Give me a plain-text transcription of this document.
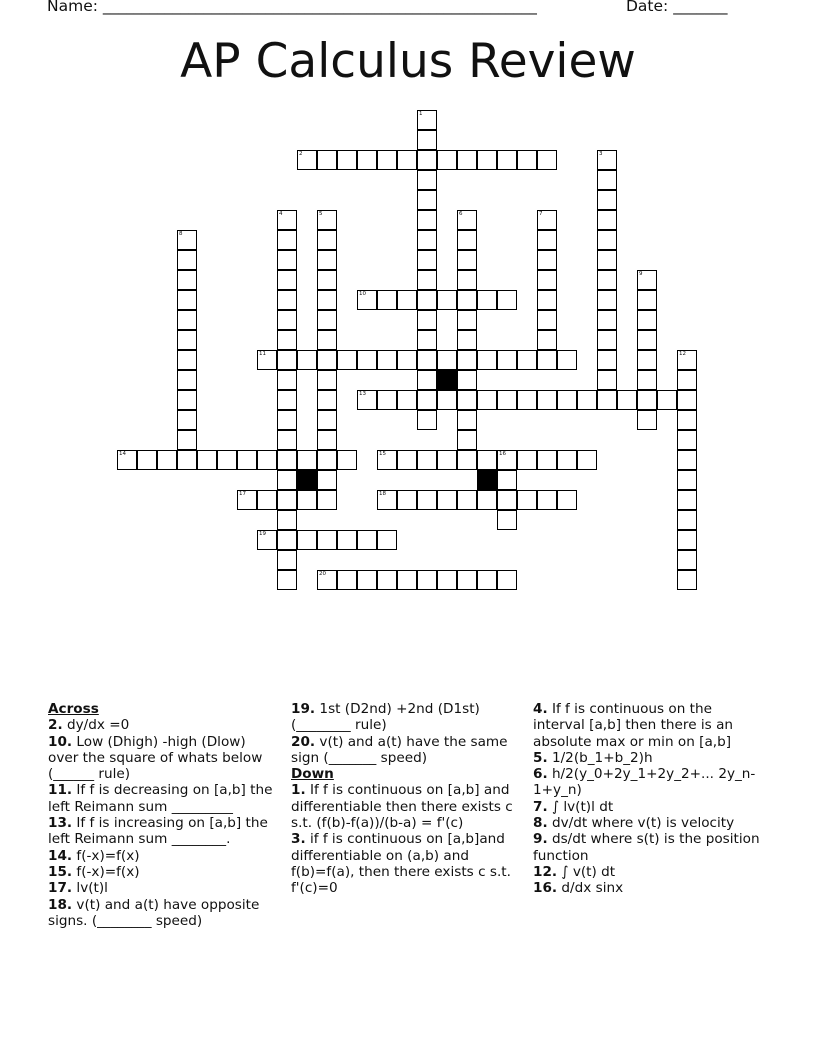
Name: ________________________________________________________	Date: _______
AP Calculus Review
1
2	3
4	5	6	7
8
9
10
11	12
13
14	15	16
17	18
19
20
Across
2. dy/dx =0
10. Low (Dhigh) -high (Dlow) over the square of whats below (______ rule)
11. If f is decreasing on [a,b] the left Reimann sum _________
13. If f is increasing on [a,b] the left Reimann sum ________.
14. f(-x)=f(x)
15. f(-x)=f(x)
17. lv(t)l
18. v(t) and a(t) have opposite signs. (________ speed)
19. 1st (D2nd) +2nd (D1st) (________ rule)
20. v(t) and a(t) have the same sign (_______ speed)
Down
1. If f is continuous on [a,b] and differentiable then there exists c s.t. (f(b)-f(a))/(b-a) = f'(c)
3. if f is continuous on [a,b]and differentiable on (a,b) and f(b)=f(a), then there exists c s.t. f'(c)=0
4. If f is continuous on the interval [a,b] then there is an absolute max or min on [a,b]
5. 1/2(b_1+b_2)h
6. h/2(y_0+2y_1+2y_2+... 2y_n-1+y_n)
7. ∫ lv(t)l dt
8. dv/dt where v(t) is velocity
9. ds/dt where s(t) is the position function
12. ∫ v(t) dt
16. d/dx sinx
